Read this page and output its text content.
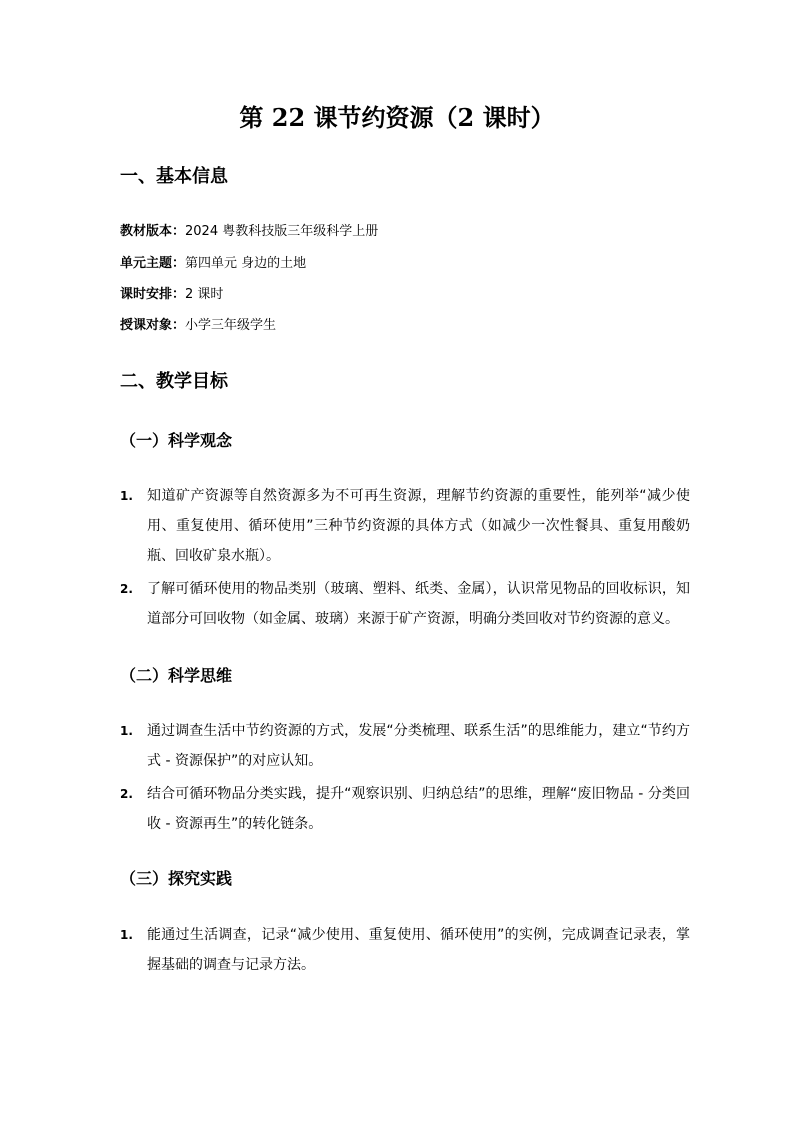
第 22 课节约资源（2 课时）
一、基本信息

教材版本：2024 粤教科技版三年级科学上册

单元主题：第四单元 身边的土地

课时安排：2 课时

授课对象：小学三年级学生

二、教学目标
（一）科学观念
1. 知道矿产资源等自然资源多为不可再生资源，理解节约资源的重要性，能列举“减少使用、重复使用、循环使用”三种节约资源的具体方式（如减少一次性餐具、重复用酸奶瓶、回收矿泉水瓶）。
2. 了解可循环使用的物品类别（玻璃、塑料、纸类、金属），认识常见物品的回收标识，知道部分可回收物（如金属、玻璃）来源于矿产资源，明确分类回收对节约资源的意义。
（二）科学思维
1. 通过调查生活中节约资源的方式，发展“分类梳理、联系生活”的思维能力，建立“节约方式 - 资源保护”的对应认知。
2. 结合可循环物品分类实践，提升“观察识别、归纳总结”的思维，理解“废旧物品 - 分类回收 - 资源再生”的转化链条。
（三）探究实践
1. 能通过生活调查，记录“减少使用、重复使用、循环使用”的实例，完成调查记录表，掌握基础的调查与记录方法。
